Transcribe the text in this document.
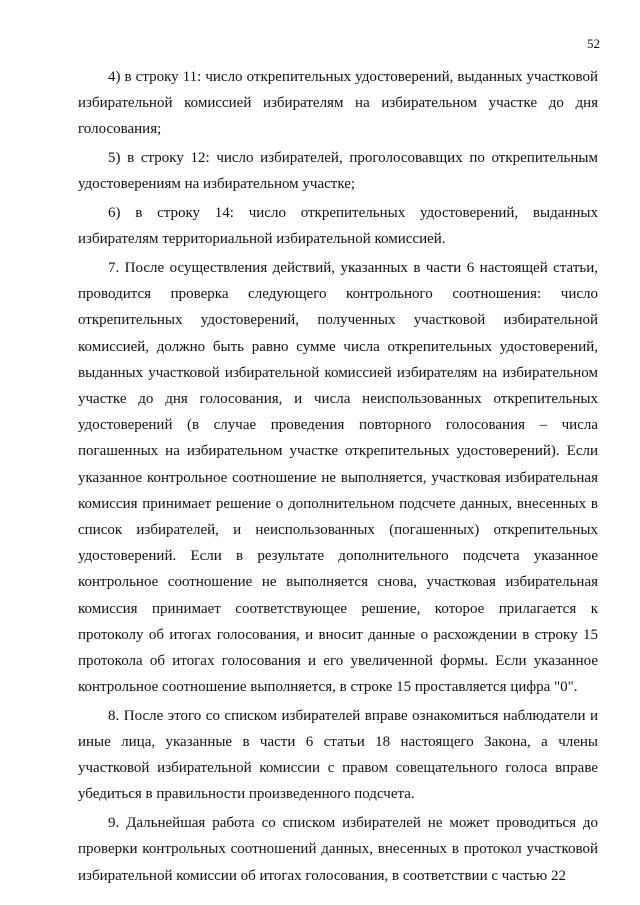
52

4) в строку 11: число открепительных удостоверений, выданных участковой избирательной комиссией избирателям на избирательном участке до дня голосования;

5) в строку 12: число избирателей, проголосовавщих по открепительным удостоверениям на избирательном участке;

6) в строку 14: число открепительных удостоверений, выданных избирателям территориальной избирательной комиссией.

7. После осуществления действий, указанных в части 6 настоящей статьи, проводится проверка следующего контрольного соотношения: число открепительных удостоверений, полученных участковой избирательной комиссией, должно быть равно сумме числа открепительных удостоверений, выданных участковой избирательной комиссией избирателям на избирательном участке до дня голосования, и числа неиспользованных открепительных удостоверений (в случае проведения повторного голосования – числа погашенных на избирательном участке открепительных удостоверений). Если указанное контрольное соотношение не выполняется, участковая избирательная комиссия принимает решение о дополнительном подсчете данных, внесенных в список избирателей, и неиспользованных (погашенных) открепительных удостоверений. Если в результате дополнительного подсчета указанное контрольное соотношение не выполняется снова, участковая избирательная комиссия принимает соответствующее решение, которое прилагается к протоколу об итогах голосования, и вносит данные о расхождении в строку 15 протокола об итогах голосования и его увеличенной формы. Если указанное контрольное соотношение выполняется, в строке 15 проставляется цифра "0".

8. После этого со списком избирателей вправе ознакомиться наблюдатели и иные лица, указанные в части 6 статьи 18 настоящего Закона, а члены участковой избирательной комиссии с правом совещательного голоса вправе убедиться в правильности произведенного подсчета.

9. Дальнейшая работа со списком избирателей не может проводиться до проверки контрольных соотношений данных, внесенных в протокол участковой избирательной комиссии об итогах голосования, в соответствии с частью 22
